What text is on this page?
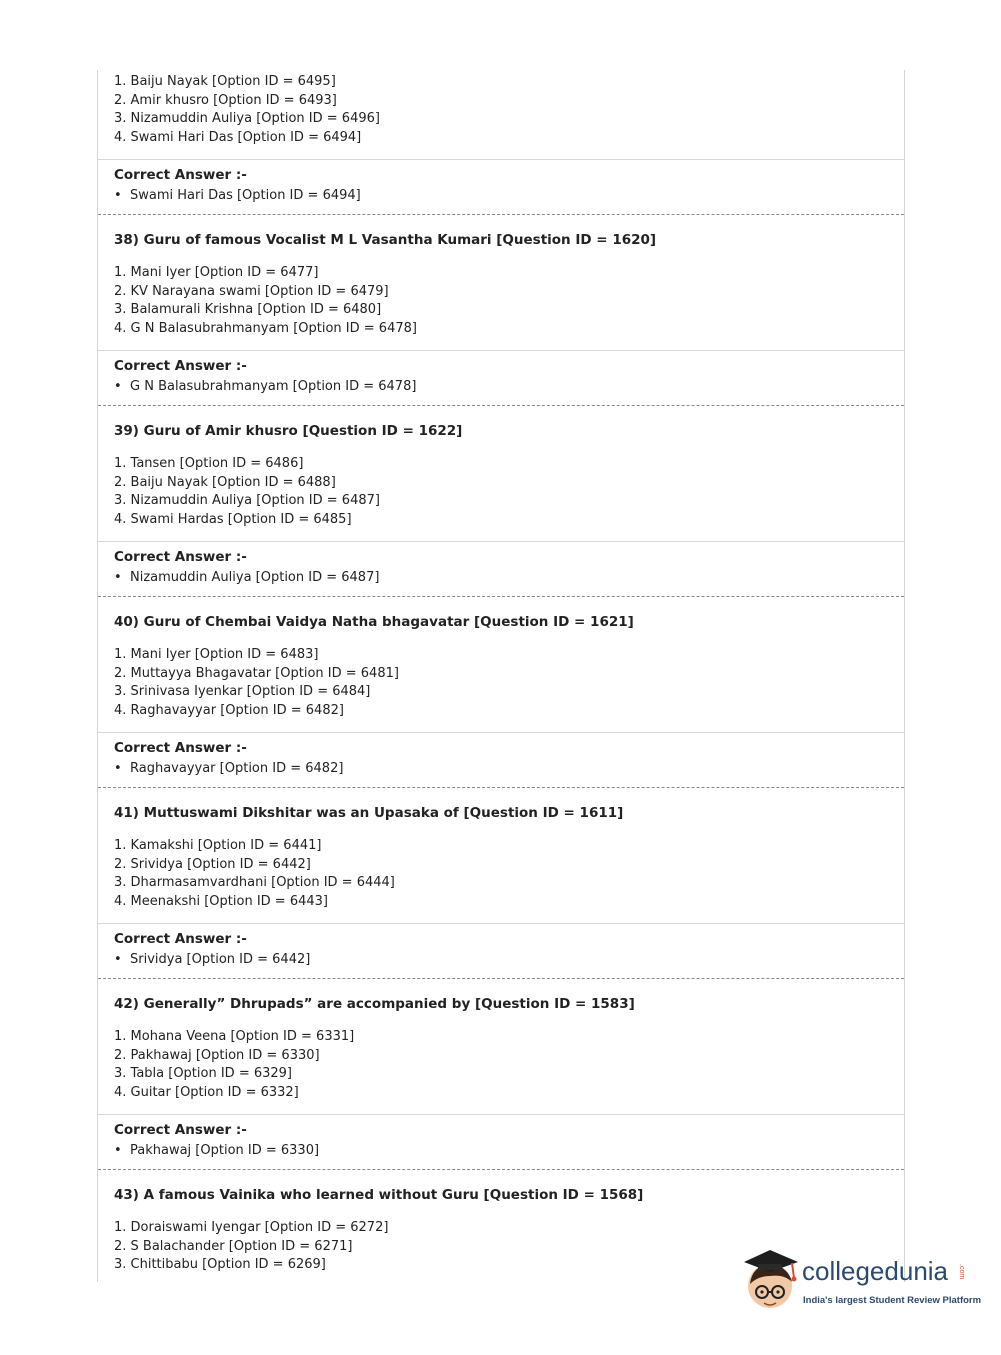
1. Baiju Nayak [Option ID = 6495]
2. Amir khusro [Option ID = 6493]
3. Nizamuddin Auliya [Option ID = 6496]
4. Swami Hari Das [Option ID = 6494]
Correct Answer :-
• Swami Hari Das [Option ID = 6494]
38) Guru of famous Vocalist M L Vasantha Kumari [Question ID = 1620]
1. Mani Iyer [Option ID = 6477]
2. KV Narayana swami [Option ID = 6479]
3. Balamurali Krishna [Option ID = 6480]
4. G N Balasubrahmanyam [Option ID = 6478]
Correct Answer :-
• G N Balasubrahmanyam [Option ID = 6478]
39) Guru of Amir khusro [Question ID = 1622]
1. Tansen [Option ID = 6486]
2. Baiju Nayak [Option ID = 6488]
3. Nizamuddin Auliya [Option ID = 6487]
4. Swami Hardas [Option ID = 6485]
Correct Answer :-
• Nizamuddin Auliya [Option ID = 6487]
40) Guru of Chembai Vaidya Natha bhagavatar [Question ID = 1621]
1. Mani Iyer [Option ID = 6483]
2. Muttayya Bhagavatar [Option ID = 6481]
3. Srinivasa Iyenkar [Option ID = 6484]
4. Raghavayyar [Option ID = 6482]
Correct Answer :-
• Raghavayyar [Option ID = 6482]
41) Muttuswami Dikshitar was an Upasaka of [Question ID = 1611]
1. Kamakshi [Option ID = 6441]
2. Srividya [Option ID = 6442]
3. Dharmasamvardhani [Option ID = 6444]
4. Meenakshi [Option ID = 6443]
Correct Answer :-
• Srividya [Option ID = 6442]
42) Generally” Dhrupads” are accompanied by [Question ID = 1583]
1. Mohana Veena [Option ID = 6331]
2. Pakhawaj [Option ID = 6330]
3. Tabla [Option ID = 6329]
4. Guitar [Option ID = 6332]
Correct Answer :-
• Pakhawaj [Option ID = 6330]
43) A famous Vainika who learned without Guru [Question ID = 1568]
1. Doraiswami Iyengar [Option ID = 6272]
2. S Balachander [Option ID = 6271]
3. Chittibabu [Option ID = 6269]	collegedunia .com
India's largest Student Review Platform
